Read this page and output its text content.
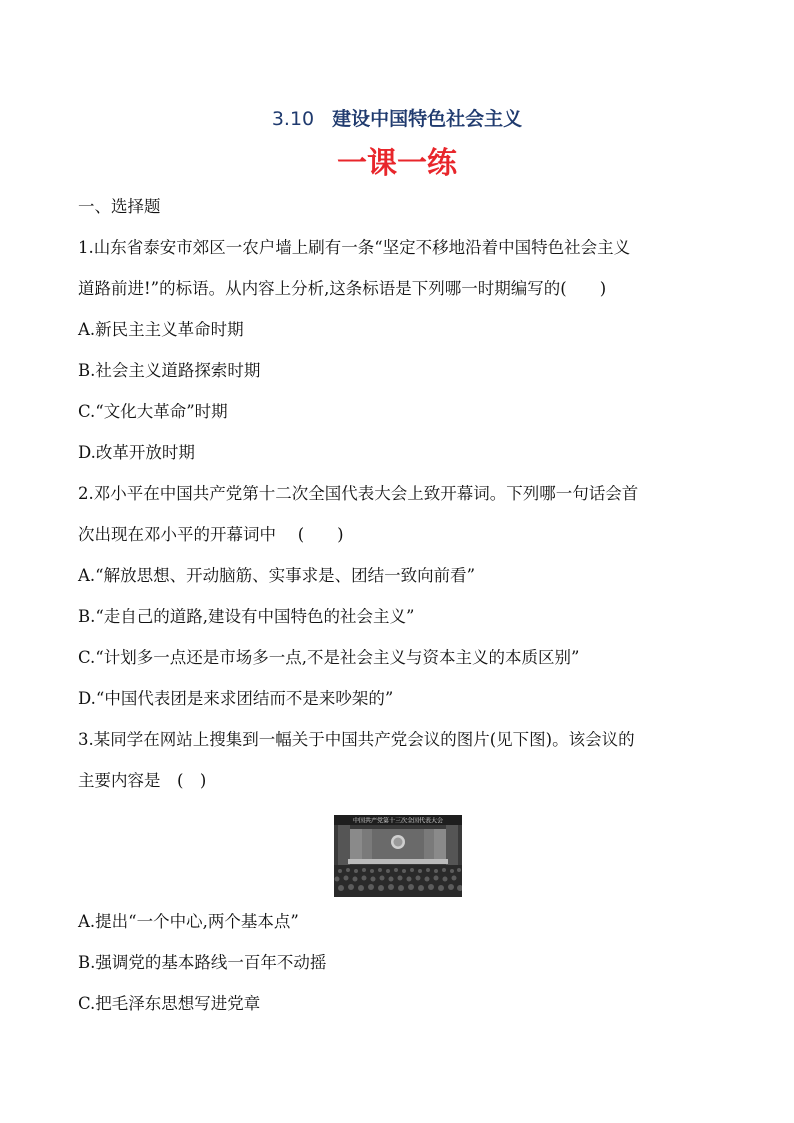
3.10 建设中国特色社会主义
一课一练
一、选择题
1.山东省泰安市郊区一农户墙上刷有一条“坚定不移地沿着中国特色社会主义
道路前进!”的标语。从内容上分析,这条标语是下列哪一时期编写的(　　)
A.新民主主义革命时期
B.社会主义道路探索时期
C.“文化大革命”时期
D.改革开放时期
2.邓小平在中国共产党第十二次全国代表大会上致开幕词。下列哪一句话会首
次出现在邓小平的开幕词中　 (　　)
A.“解放思想、开动脑筋、实事求是、团结一致向前看”
B.“走自己的道路,建设有中国特色的社会主义”
C.“计划多一点还是市场多一点,不是社会主义与资本主义的本质区别”
D.“中国代表团是来求团结而不是来吵架的”
3.某同学在网站上搜集到一幅关于中国共产党会议的图片(见下图)。该会议的
主要内容是　(　)
中国共产党第十三次全国代表大会
A.提出“一个中心,两个基本点”
B.强调党的基本路线一百年不动摇
C.把毛泽东思想写进党章
